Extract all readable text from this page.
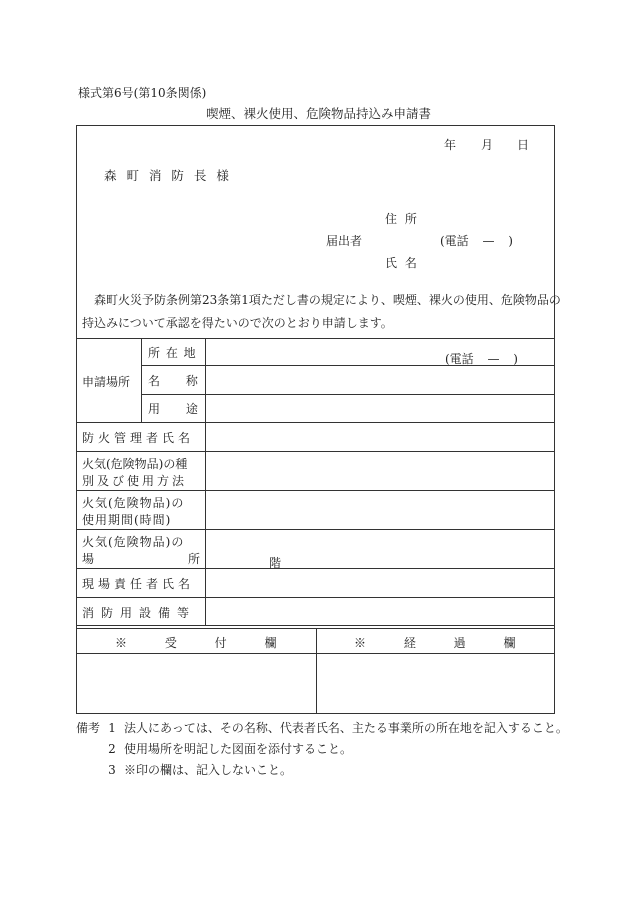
様式第6号(第10条関係)
喫煙、裸火使用、危険物品持込み申請書
年 月 日
森 町 消 防 長 様
住 所
届出者	(電話 — )
氏 名
森町火災予防条例第23条第1項ただし書の規定により、喫煙、裸火の使用、危険物品の
持込みについて承認を得たいので次のとおり申請します。
申請場所
所 在 地	(電話 — )
名 称
用 途
防火管理者氏名
火気(危険物品)の種
別及び使用方法
火気(危険物品)の
使用期間(時間)
火気(危険物品)の
場	所	階
現場責任者氏名
消防用設備等
※ 受 付 欄	※ 経 過 欄
備考 1 法人にあっては、その名称、代表者氏名、主たる事業所の所在地を記入すること。
2 使用場所を明記した図面を添付すること。
3 ※印の欄は、記入しないこと。
